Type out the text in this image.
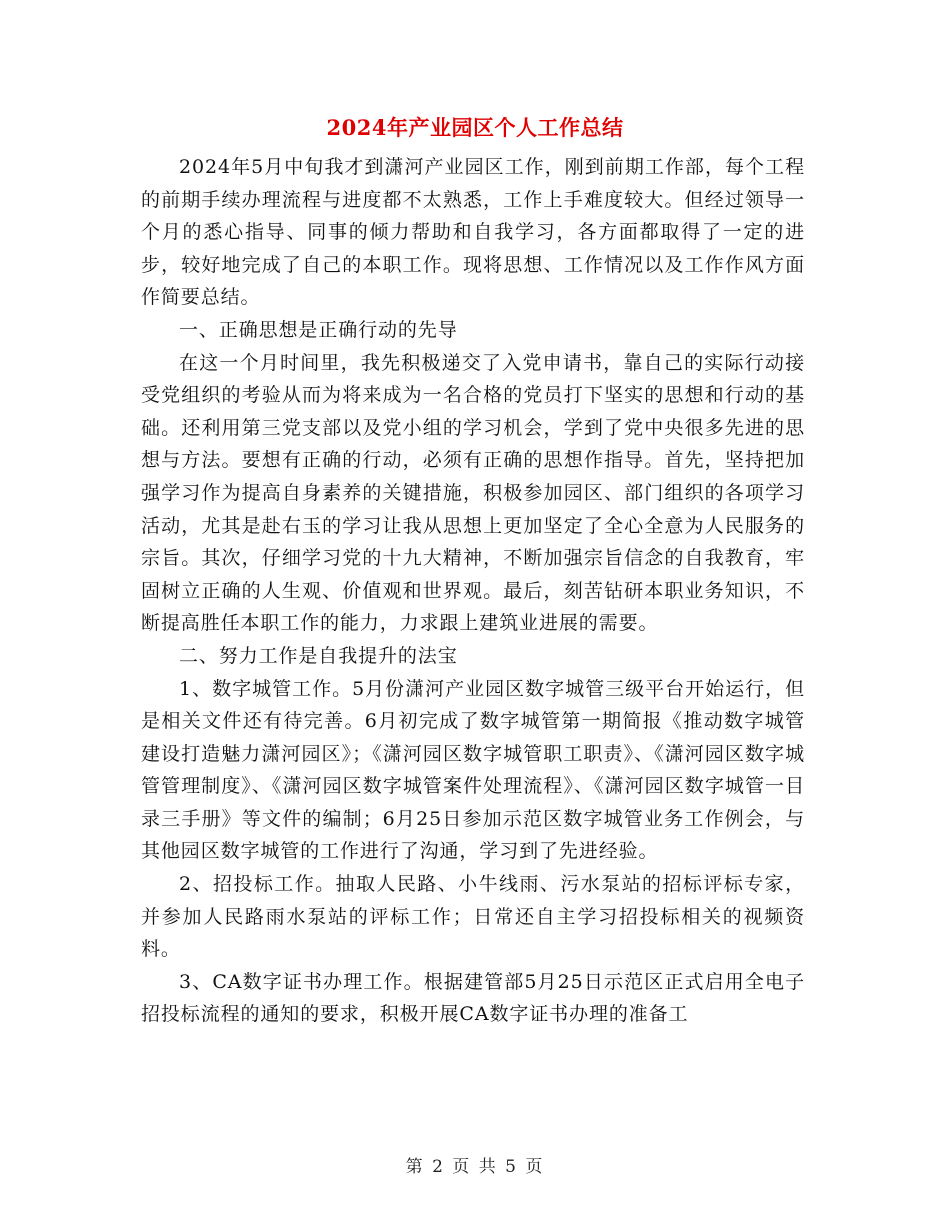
2024年产业园区个人工作总结

2024年5月中旬我才到潇河产业园区工作，刚到前期工作部，每个工程的前期手续办理流程与进度都不太熟悉，工作上手难度较大。但经过领导一个月的悉心指导、同事的倾力帮助和自我学习，各方面都取得了一定的进步，较好地完成了自己的本职工作。现将思想、工作情况以及工作作风方面作简要总结。

一、正确思想是正确行动的先导

在这一个月时间里，我先积极递交了入党申请书，靠自己的实际行动接受党组织的考验从而为将来成为一名合格的党员打下坚实的思想和行动的基础。还利用第三党支部以及党小组的学习机会，学到了党中央很多先进的思想与方法。要想有正确的行动，必须有正确的思想作指导。首先，坚持把加强学习作为提高自身素养的关键措施，积极参加园区、部门组织的各项学习活动，尤其是赴右玉的学习让我从思想上更加坚定了全心全意为人民服务的宗旨。其次，仔细学习党的十九大精神，不断加强宗旨信念的自我教育，牢固树立正确的人生观、价值观和世界观。最后，刻苦钻研本职业务知识，不断提高胜任本职工作的能力，力求跟上建筑业进展的需要。

二、努力工作是自我提升的法宝

1、数字城管工作。5月份潇河产业园区数字城管三级平台开始运行，但是相关文件还有待完善。6月初完成了数字城管第一期简报《推动数字城管建设打造魅力潇河园区》；《潇河园区数字城管职工职责》、《潇河园区数字城管管理制度》、《潇河园区数字城管案件处理流程》、《潇河园区数字城管一目录三手册》等文件的编制；6月25日参加示范区数字城管业务工作例会，与其他园区数字城管的工作进行了沟通，学习到了先进经验。

2、招投标工作。抽取人民路、小牛线雨、污水泵站的招标评标专家，并参加人民路雨水泵站的评标工作；日常还自主学习招投标相关的视频资料。

3、CA数字证书办理工作。根据建管部5月25日示范区正式启用全电子招投标流程的通知的要求，积极开展CA数字证书办理的准备工

第 2 页 共 5 页
